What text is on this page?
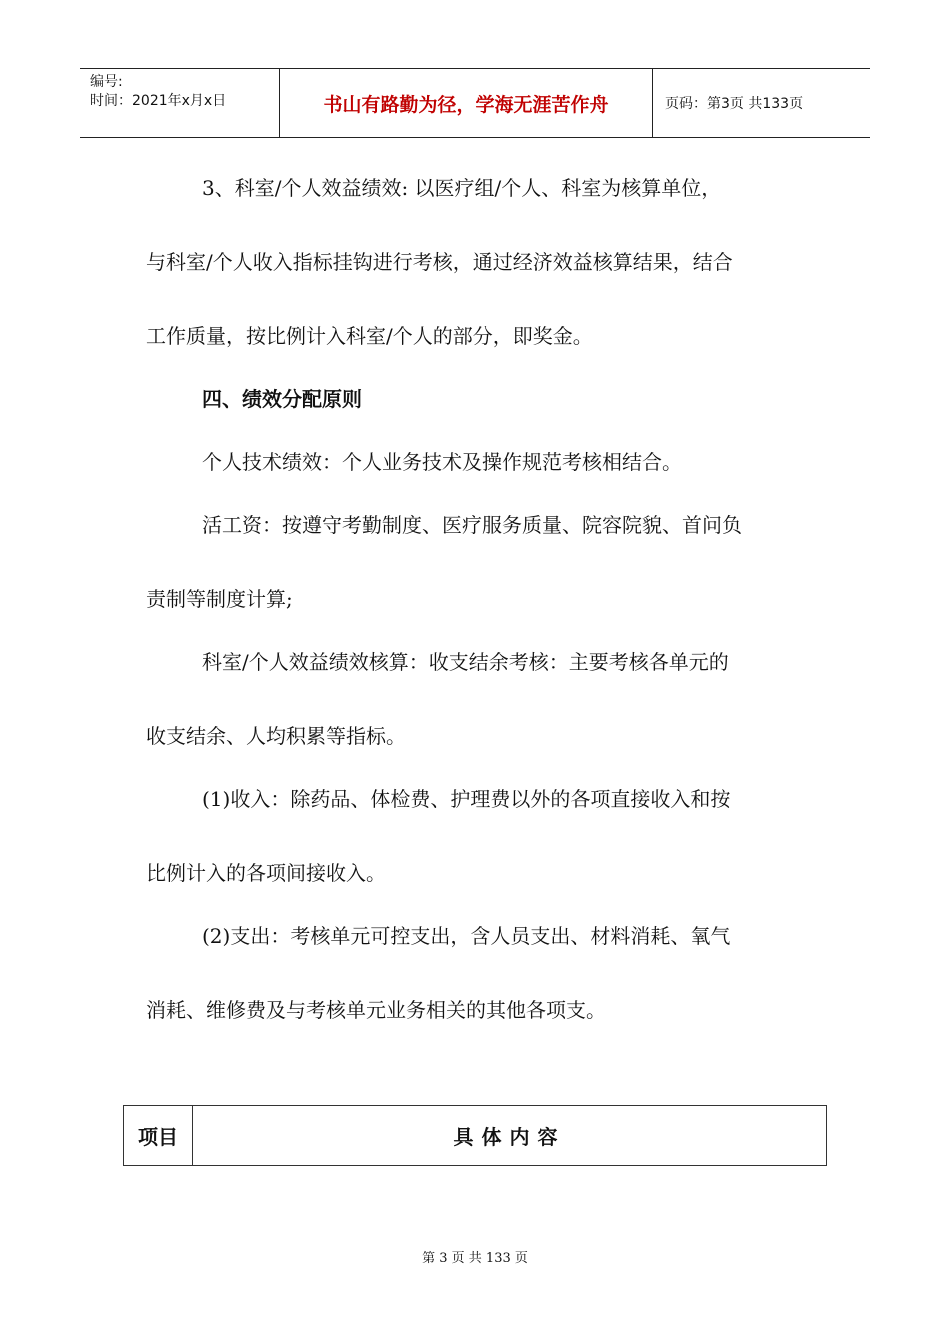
编号:
时间：2021年x月x日	书山有路勤为径，学海无涯苦作舟	页码：第3页 共133页
3、科室/个人效益绩效: 以医疗组/个人、科室为核算单位，
与科室/个人收入指标挂钩进行考核，通过经济效益核算结果，结合
工作质量，按比例计入科室/个人的部分，即奖金。
四、绩效分配原则
个人技术绩效：个人业务技术及操作规范考核相结合。
活工资：按遵守考勤制度、医疗服务质量、院容院貌、首问负
责制等制度计算;
科室/个人效益绩效核算：收支结余考核：主要考核各单元的
收支结余、人均积累等指标。
(1)收入：除药品、体检费、护理费以外的各项直接收入和按
比例计入的各项间接收入。
(2)支出：考核单元可控支出，含人员支出、材料消耗、氧气
消耗、维修费及与考核单元业务相关的其他各项支。
项目	具体内容
第 3 页 共 133 页
